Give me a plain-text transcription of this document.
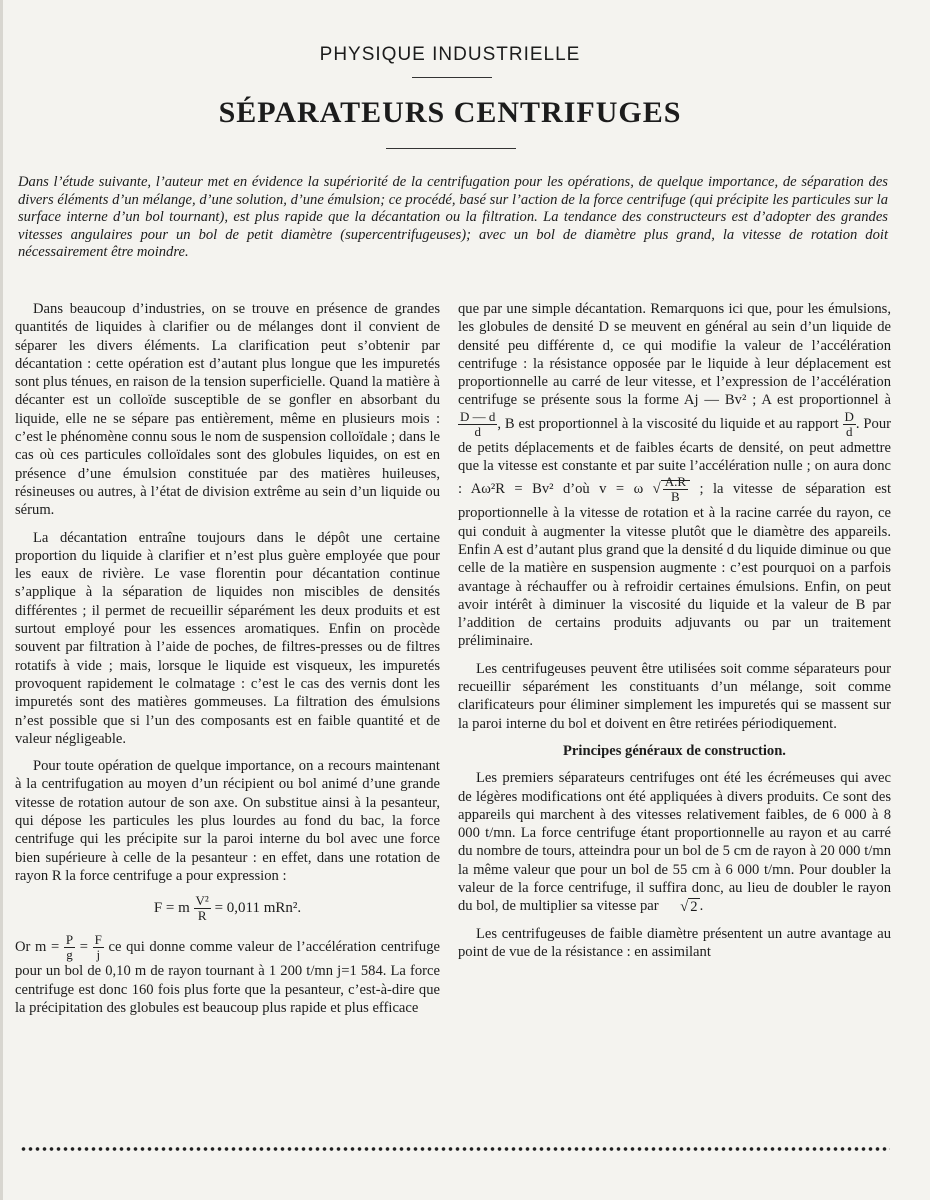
PHYSIQUE INDUSTRIELLE
SÉPARATEURS CENTRIFUGES
Dans l’étude suivante, l’auteur met en évidence la supériorité de la centrifugation pour les opérations, de quelque importance, de séparation des divers éléments d’un mélange, d’une solution, d’une émulsion; ce procédé, basé sur l’action de la force centrifuge (qui précipite les particules sur la surface interne d’un bol tournant), est plus rapide que la décantation ou la filtration. La tendance des constructeurs est d’adopter des grandes vitesses angulaires pour un bol de petit diamètre (supercentrifugeuses); avec un bol de diamètre plus grand, la vitesse de rotation doit nécessairement être moindre.

Dans beaucoup d’industries, on se trouve en présence de grandes quantités de liquides à clarifier ou de mélanges dont il convient de séparer les divers éléments. La clarification peut s’obtenir par décantation : cette opération est d’autant plus longue que les impuretés sont plus ténues, en raison de la tension superficielle. Quand la matière à décanter est un colloïde susceptible de se gonfler en absorbant du liquide, elle ne se sépare pas entièrement, même en plusieurs mois : c’est le phénomène connu sous le nom de suspension colloïdale ; dans le cas où ces particules colloïdales sont des globules liquides, on est en présence d’une émulsion constituée par des matières huileuses, résineuses ou autres, à l’état de division extrême au sein d’un liquide ou sérum.

La décantation entraîne toujours dans le dépôt une certaine proportion du liquide à clarifier et n’est plus guère employée que pour les eaux de rivière. Le vase florentin pour décantation continue s’applique à la séparation de liquides non miscibles de densités différentes ; il permet de recueillir séparément les deux produits et est surtout employé pour les essences aromatiques. Enfin on procède souvent par filtration à l’aide de poches, de filtres-presses ou de filtres rotatifs à vide ; mais, lorsque le liquide est visqueux, les impuretés provoquent rapidement le colmatage : c’est le cas des vernis dont les impuretés sont des matières gommeuses. La filtration des émulsions n’est possible que si l’un des composants est en faible quantité et de valeur négligeable.

Pour toute opération de quelque importance, on a recours maintenant à la centrifugation au moyen d’un récipient ou bol animé d’une grande vitesse de rotation autour de son axe. On substitue ainsi à la pesanteur, qui dépose les particules les plus lourdes au fond du bac, la force centrifuge qui les précipite sur la paroi interne du bol avec une force bien supérieure à celle de la pesanteur : en effet, dans une rotation de rayon R la force centrifuge a pour expression :

F = m $\frac{\text{V²}}{R} = 0,011$ mRn².

Or $m = \frac{P}{g} = \frac{F}{j}$ ce qui donne comme valeur de l’accélération centrifuge pour un bol de 0,10 m de rayon tournant à 1 200 t/mn j=1 584. La force centrifuge est donc 160 fois plus forte que la pesanteur, c’est-à-dire que la précipitation des globules est beaucoup plus rapide et plus efficace

que par une simple décantation. Remarquons ici que, pour les émulsions, les globules de densité D se meuvent en général au sein d’un liquide de densité peu différente d, ce qui modifie la valeur de l’accélération centrifuge : la résistance opposée par le liquide à leur déplacement est proportionnelle au carré de leur vitesse, et l’expression de l’accélération centrifuge se présente sous la forme Aj — Bv² ; A est proportionnel à
$\frac{D — d}{d}$ , B est proportionnel à la viscosité du liquide et au rapport $\frac{D}{d}$ . Pour de petits déplacements et de faibles écarts de densité, on peut admettre que la vitesse est constante et par suite l’accélération nulle ; on aura donc : Aω²R = Bv² d’où v = ω √ $\frac{A.R}{B}$ ; la vitesse de séparation est proportionnelle à la vitesse de rotation et à la racine carrée du rayon, ce qui conduit à augmenter la vitesse plutôt que le diamètre des appareils. Enfin A est d’autant plus grand que la densité d du liquide diminue ou que celle de la matière en suspension augmente : c’est pourquoi on a parfois avantage à réchauffer ou à refroidir certaines émulsions. Enfin, on peut avoir intérêt à diminuer la viscosité du liquide et la valeur de B par l’addition de certains produits adjuvants ou par un traitement préliminaire.

Les centrifugeuses peuvent être utilisées soit comme séparateurs pour recueillir séparément les constituants d’un mélange, soit comme clarificateurs pour éliminer simplement les impuretés qui se massent sur la paroi interne du bol et doivent en être retirées périodiquement.

Principes généraux de construction.

Les premiers séparateurs centrifuges ont été les écrémeuses qui avec de légères modifications ont été appliquées à divers produits. Ce sont des appareils qui marchent à des vitesses relativement faibles, de 6 000 à 8 000 t/mn. La force centrifuge étant proportionnelle au rayon et au carré du nombre de tours, atteindra pour un bol de 5 cm de rayon à 20 000 t/mn la même valeur que pour un bol de 55 cm à 6 000 t/mn. Pour doubler la valeur de la force centrifuge, il suffira donc, au lieu de doubler le rayon du bol, de multiplier sa vitesse par √ 2 .

Les centrifugeuses de faible diamètre présentent un autre avantage au point de vue de la résistance : en assimilant
